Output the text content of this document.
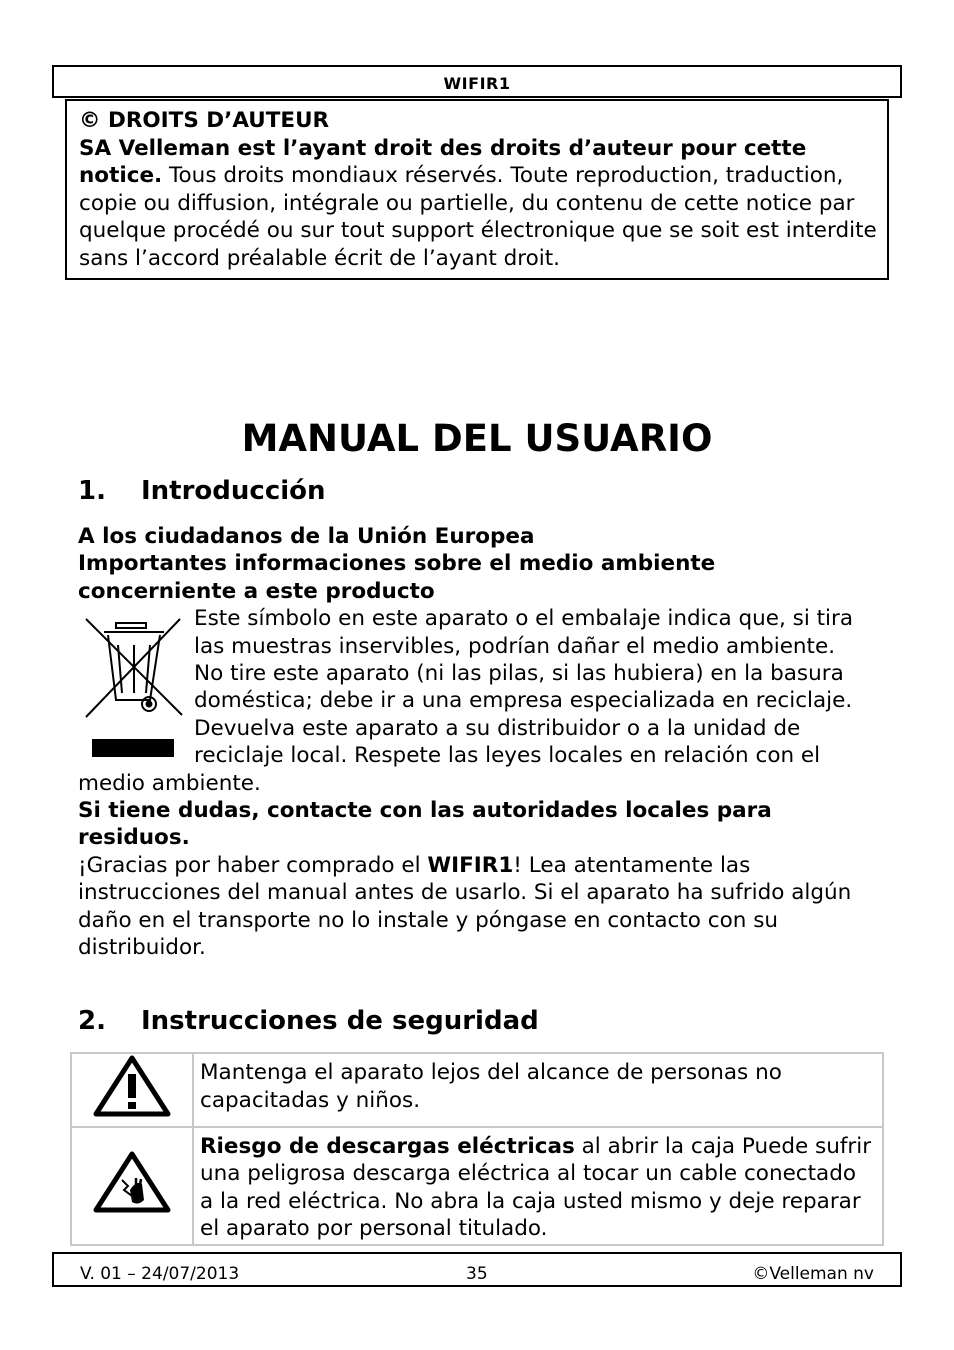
WIFIR1

© DROITS D’AUTEUR

SA Velleman est l’ayant droit des droits d’auteur pour cette notice. Tous droits mondiaux réservés. Toute reproduction, traduction, copie ou diffusion, intégrale ou partielle, du contenu de cette notice par quelque procédé ou sur tout support électronique que se soit est interdite sans l’accord préalable écrit de l’ayant droit.

MANUAL DEL USUARIO
1. Introducción

A los ciudadanos de la Unión Europea

Importantes informaciones sobre el medio ambiente concerniente a este producto

Este símbolo en este aparato o el embalaje indica que, si tira las muestras inservibles, podrían dañar el medio ambiente. No tire este aparato (ni las pilas, si las hubiera) en la basura doméstica; debe ir a una empresa especializada en reciclaje. Devuelva este aparato a su distribuidor o a la unidad de reciclaje local. Respete las leyes locales en relación con el medio ambiente.

Si tiene dudas, contacte con las autoridades locales para residuos.

¡Gracias por haber comprado el WIFIR1! Lea atentamente las instrucciones del manual antes de usarlo. Si el aparato ha sufrido algún daño en el transporte no lo instale y póngase en contacto con su distribuidor.

2. Instrucciones de seguridad
	Mantenga el aparato lejos del alcance de personas no capacitadas y niños.
	Riesgo de descargas eléctricas al abrir la caja Puede sufrir una peligrosa descarga eléctrica al tocar un cable conectado a la red eléctrica. No abra la caja usted mismo y deje reparar el aparato por personal titulado.
V. 01 – 24/07/2013	35	©Velleman nv
